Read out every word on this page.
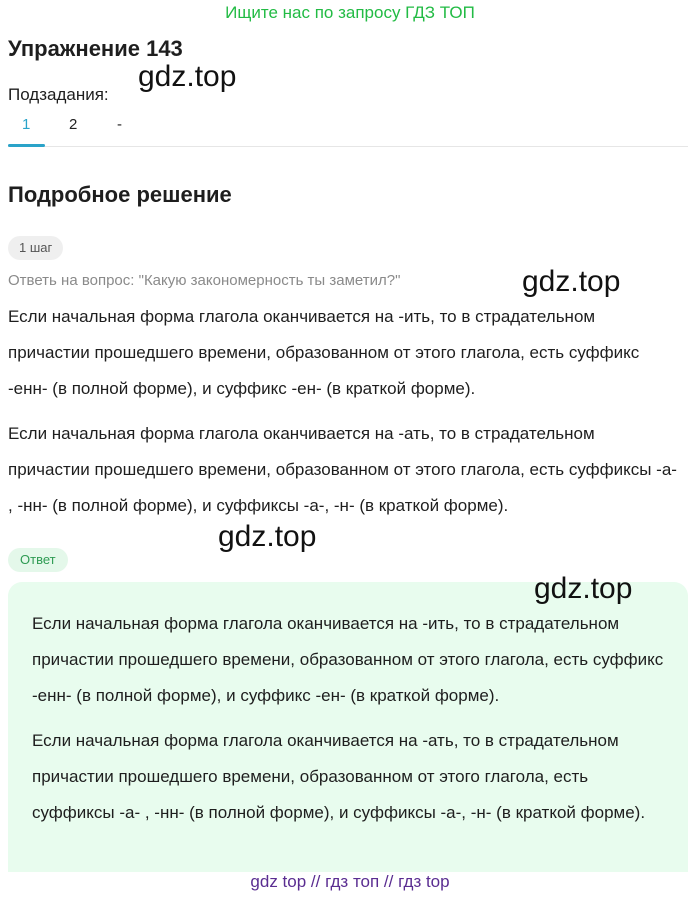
Ищите нас по запросу ГДЗ ТОП
Упражнение 143
gdz.top
Подзадания:
1	2	-
Подробное решение
1 шаг
Ответь на вопрос: "Какую закономерность ты заметил?"	gdz.top
Если начальная форма глагола оканчивается на -ить, то в страдательном причастии прошедшего времени, образованном от этого глагола, есть суффикс -енн- (в полной форме), и суффикс -ен- (в краткой форме).
Если начальная форма глагола оканчивается на -ать, то в страдательном причастии прошедшего времени, образованном от этого глагола, есть суффиксы -а- , -нн- (в полной форме), и суффиксы -а-, -н- (в краткой форме).
gdz.top
Ответ
Если начальная форма глагола оканчивается на -ить, то в страдательном причастии прошедшего времени, образованном от этого глагола, есть суффикс -енн- (в полной форме), и суффикс -ен- (в краткой форме).
Если начальная форма глагола оканчивается на -ать, то в страдательном причастии прошедшего времени, образованном от этого глагола, есть суффиксы -а- , -нн- (в полной форме), и суффиксы -а-, -н- (в краткой форме).
gdz.top
gdz top // гдз топ // гдз top
